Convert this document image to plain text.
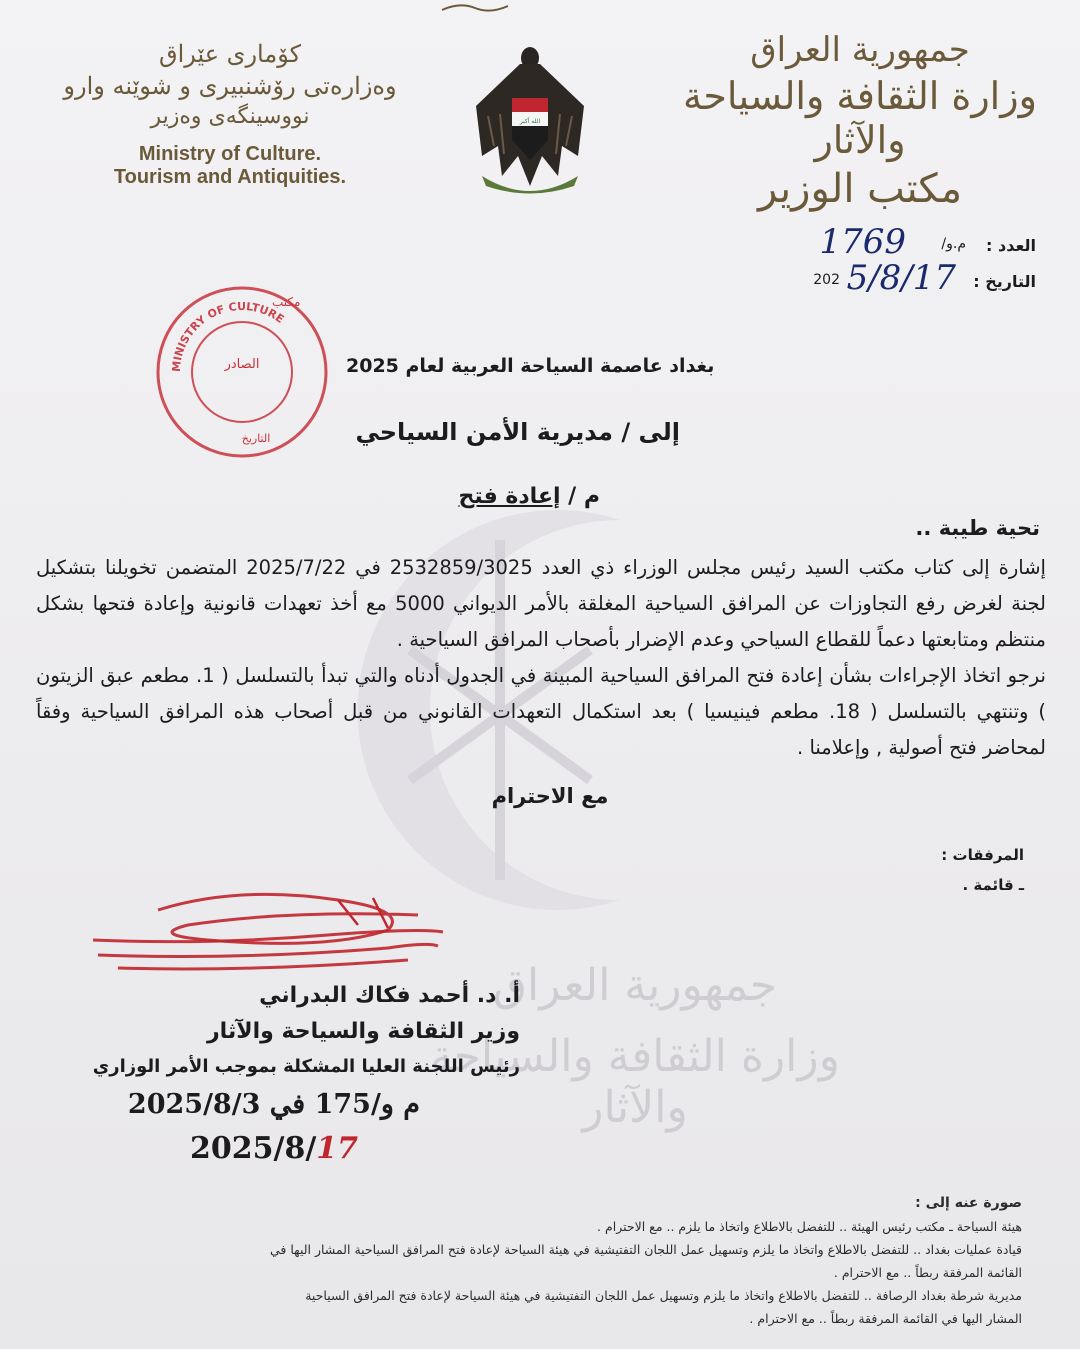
جمهورية العراق
وزارة الثقافة والسياحة والآثار
جمهورية العراق
وزارة الثقافة والسياحة والآثار
مكتب الوزير
الله أكبر
کۆماری عێراق
وەزارەتی رۆشنبیری و شوێنە وارو
نووسینگەی وەزیر
Ministry of Culture.
Tourism and Antiquities.
العدد :
م.و/
1769
التاريخ :
5/8/17
202
MINISTRY OF CULTURE
مكتب
الصادر
التاريخ
بغداد عاصمة السياحة العربية لعام 2025
إلى / مديرية الأمن السياحي
م / إعادة فتح
تحية طيبة ..

إشارة إلى كتاب مكتب السيد رئيس مجلس الوزراء ذي العدد 2532859/3025 في 2025/7/22 المتضمن تخويلنا بتشكيل لجنة لغرض رفع التجاوزات عن المرافق السياحية المغلقة بالأمر الديواني 5000 مع أخذ تعهدات قانونية وإعادة فتحها بشكل منتظم ومتابعتها دعماً للقطاع السياحي وعدم الإضرار بأصحاب المرافق السياحية .

نرجو اتخاذ الإجراءات بشأن إعادة فتح المرافق السياحية المبينة في الجدول أدناه والتي تبدأ بالتسلسل ( 1. مطعم عبق الزيتون ) وتنتهي بالتسلسل ( 18. مطعم فينيسيا ) بعد استكمال التعهدات القانوني من قبل أصحاب هذه المرافق السياحية وفقاً لمحاضر فتح أصولية , وإعلامنا .

مع الاحترام
المرفقات :
ـ قائمة .
أ. د. أحمد فكاك البدراني
وزير الثقافة والسياحة والآثار
رئيس اللجنة العليا المشكلة بموجب الأمر الوزاري
م و/175 في 2025/8/3
2025/8/17
صورة عنه إلى :
هيئة السياحة ـ مكتب رئيس الهيئة .. للتفضل بالاطلاع واتخاذ ما يلزم .. مع الاحترام .
قيادة عمليات بغداد .. للتفضل بالاطلاع واتخاذ ما يلزم وتسهيل عمل اللجان التفتيشية في هيئة السياحة لإعادة فتح المرافق السياحية المشار اليها في
القائمة المرفقة ربطاً .. مع الاحترام .
مديرية شرطة بغداد الرصافة .. للتفضل بالاطلاع واتخاذ ما يلزم وتسهيل عمل اللجان التفتيشية في هيئة السياحة لإعادة فتح المرافق السياحية
المشار اليها في القائمة المرفقة ربطاً .. مع الاحترام .
